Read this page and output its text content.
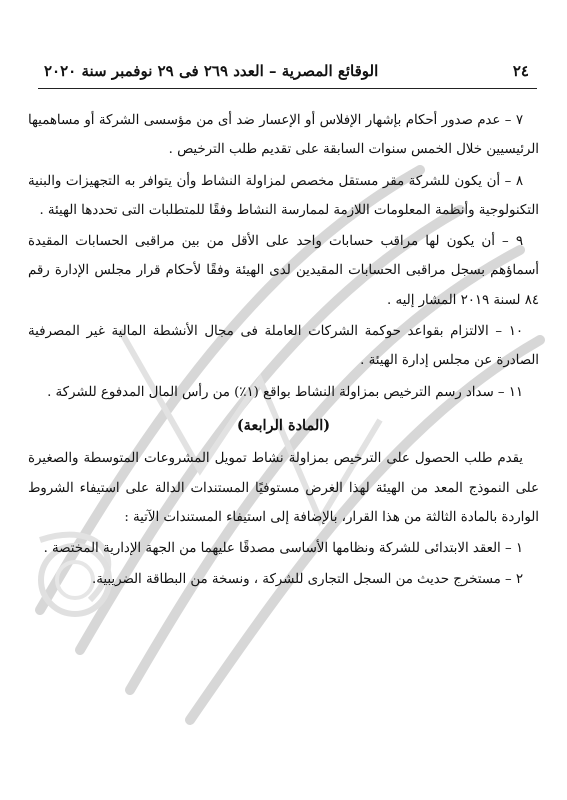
٢٤
الوقائع المصرية – العدد ٢٦٩ فى ٢٩ نوفمبر سنة ٢٠٢٠

٧ – عدم صدور أحكام بإشهار الإفلاس أو الإعسار ضد أى من مؤسسى الشركة أو مساهميها الرئيسيين خلال الخمس سنوات السابقة على تقديم طلب الترخيص .

٨ – أن يكون للشركة مقر مستقل مخصص لمزاولة النشاط وأن يتوافر به التجهيزات والبنية التكنولوجية وأنظمة المعلومات اللازمة لممارسة النشاط وفقًا للمتطلبات التى تحددها الهيئة .

٩ – أن يكون لها مراقب حسابات واحد على الأقل من بين مراقبى الحسابات المقيدة أسماؤهم بسجل مراقبى الحسابات المقيدين لدى الهيئة وفقًا لأحكام قرار مجلس الإدارة رقم ٨٤ لسنة ٢٠١٩ المشار إليه .

١٠ – الالتزام بقواعد حوكمة الشركات العاملة فى مجال الأنشطة المالية غير المصرفية الصادرة عن مجلس إدارة الهيئة .

١١ – سداد رسم الترخيص بمزاولة النشاط بواقع (١٪) من رأس المال المدفوع للشركة .

(المادة الرابعة)

يقدم طلب الحصول على الترخيص بمزاولة نشاط تمويل المشروعات المتوسطة والصغيرة على النموذج المعد من الهيئة لهذا الغرض مستوفيًا المستندات الدالة على استيفاء الشروط الواردة بالمادة الثالثة من هذا القرار، بالإضافة إلى استيفاء المستندات الآتية :

١ – العقد الابتدائى للشركة ونظامها الأساسى مصدقًا عليهما من الجهة الإدارية المختصة .

٢ – مستخرج حديث من السجل التجارى للشركة ، ونسخة من البطاقة الضريبية.
